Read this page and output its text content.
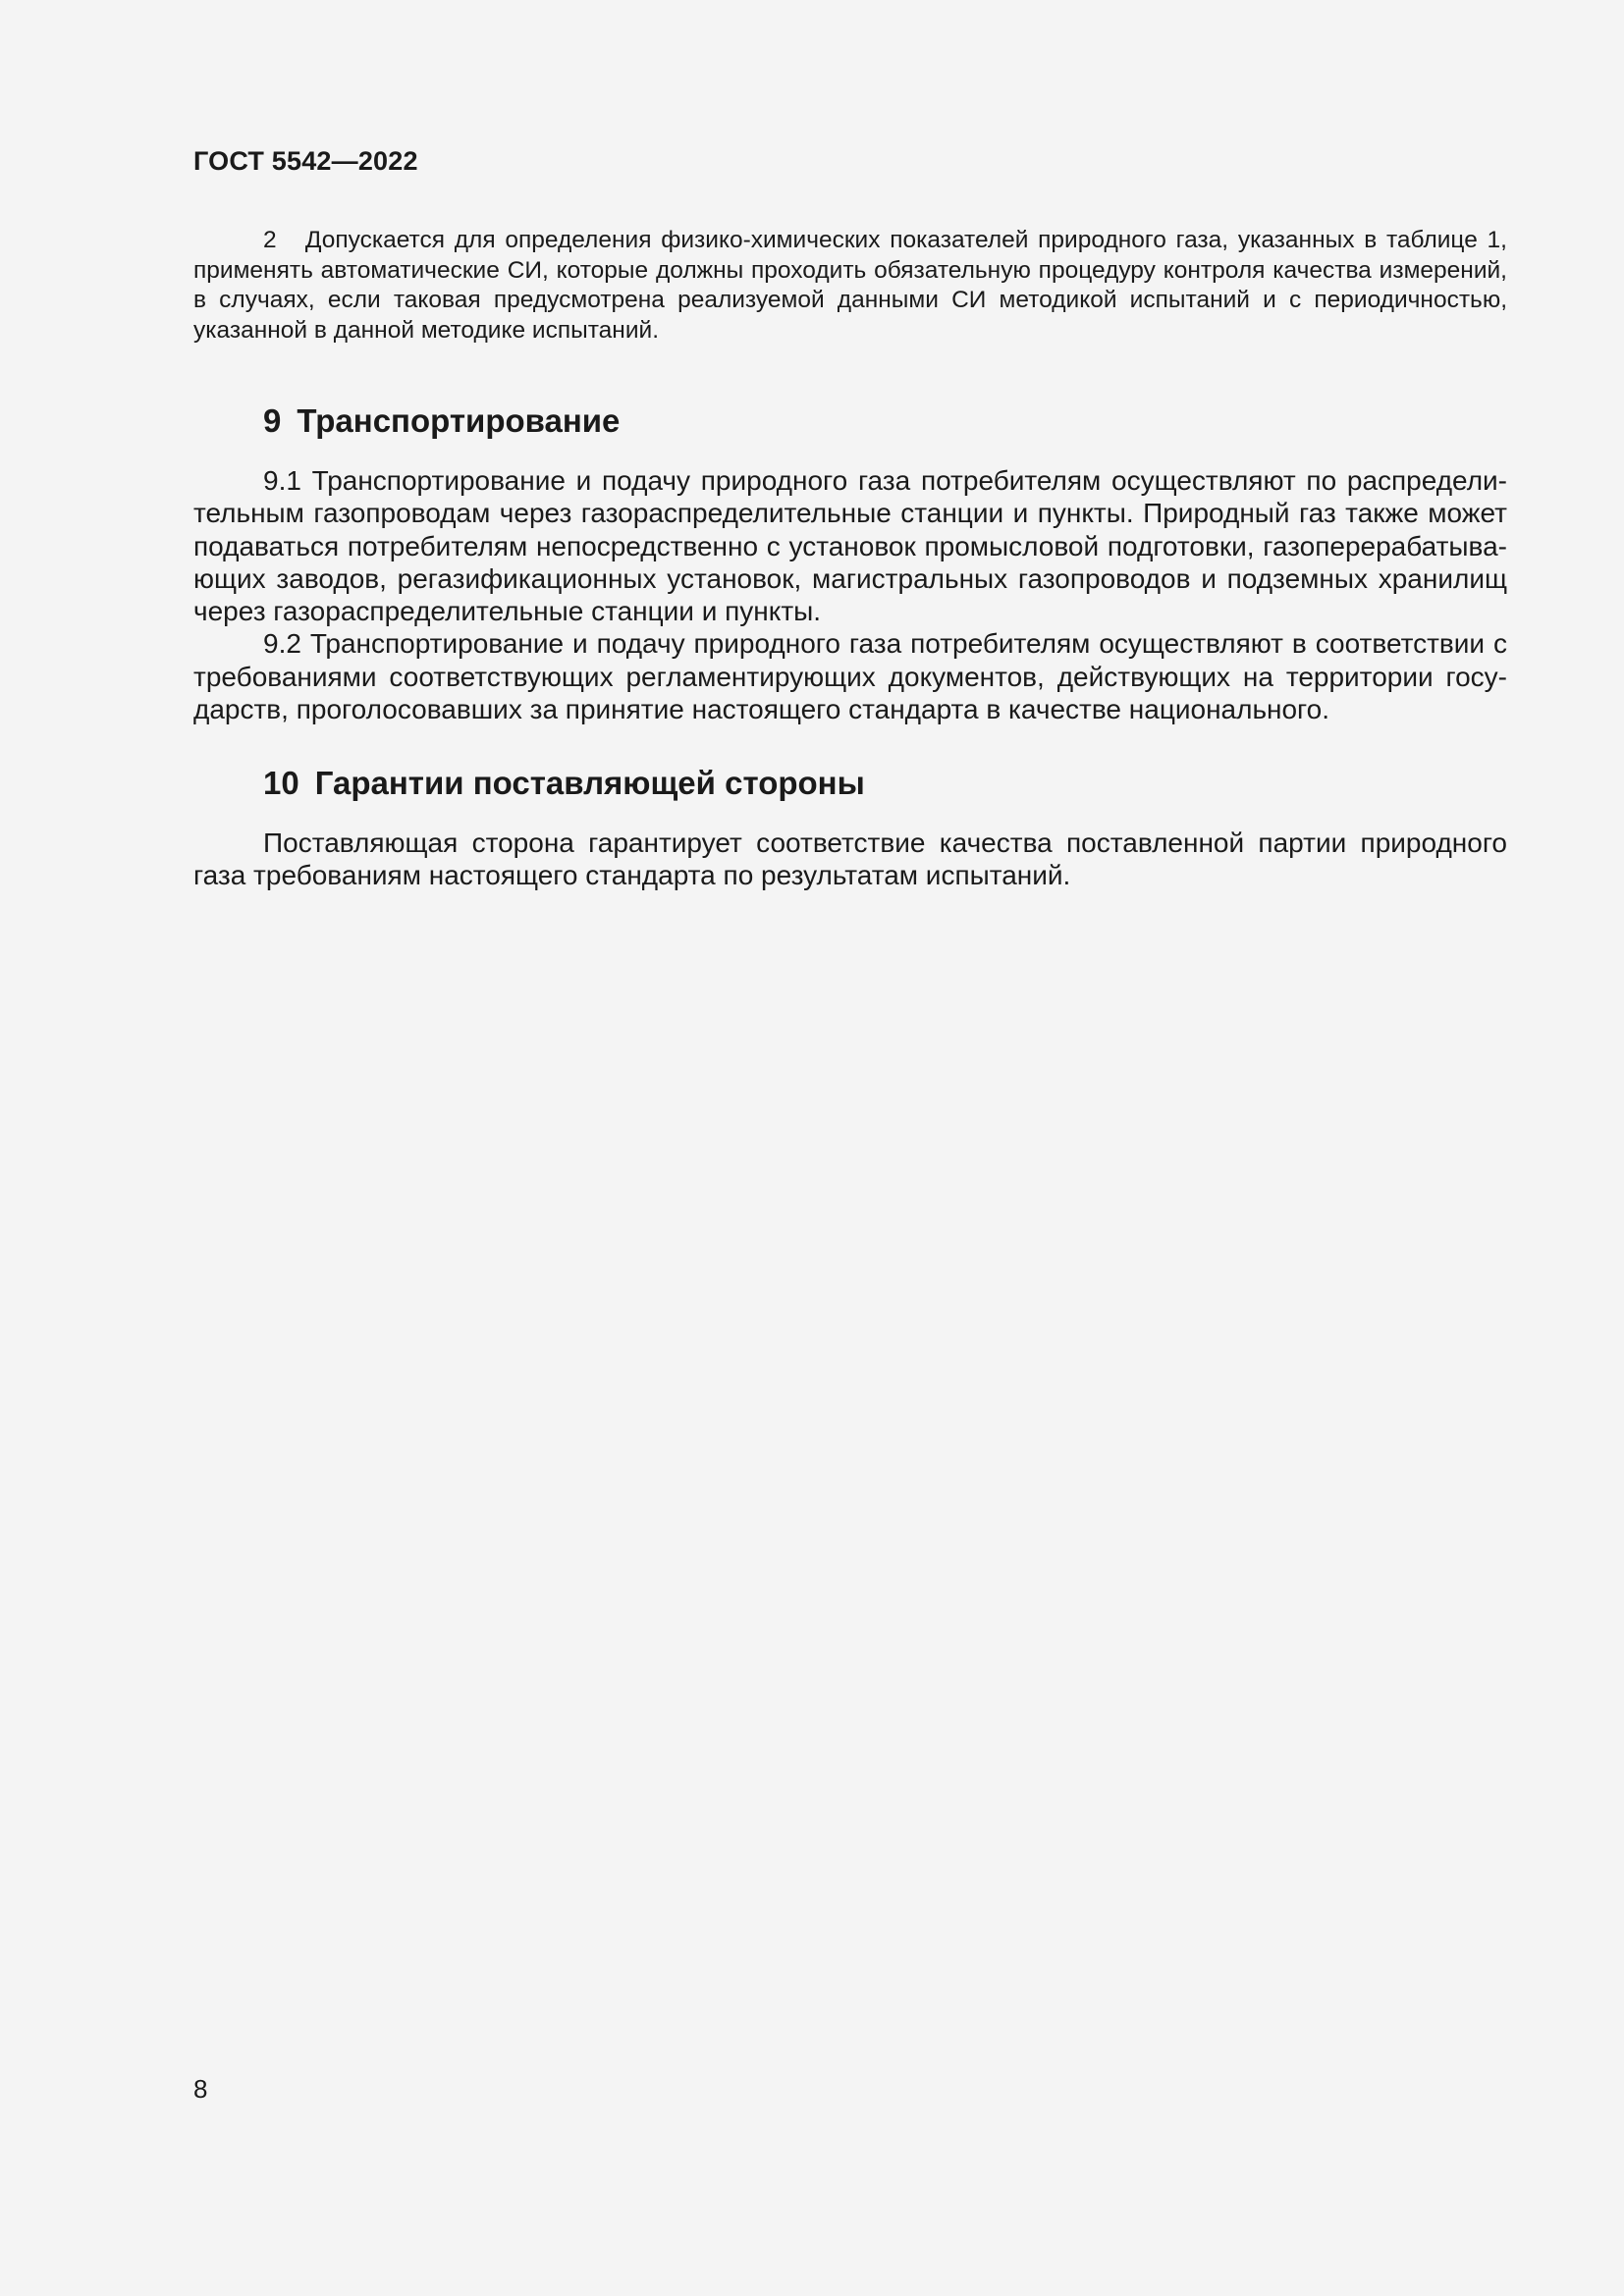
ГОСТ 5542—2022

2 Допускается для определения физико-химических показателей природного газа, указанных в таблице 1, применять автоматические СИ, которые должны проходить обязательную процедуру контроля качества измерений, в случаях, если таковая предусмотрена реализуемой данными СИ методикой испытаний и с периодичностью, указанной в данной методике испытаний.

9 Транспортирование

9.1 Транспортирование и подачу природного газа потребителям осуществляют по распределительным газопроводам через газораспределительные станции и пункты. Природный газ также может подаваться потребителям непосредственно с установок промысловой подготовки, газоперерабатывающих заводов, регазификационных установок, магистральных газопроводов и подземных хранилищ через газораспределительные станции и пункты.

9.2 Транспортирование и подачу природного газа потребителям осуществляют в соответствии с требованиями соответствующих регламентирующих документов, действующих на территории государств, проголосовавших за принятие настоящего стандарта в качестве национального.

10 Гарантии поставляющей стороны

Поставляющая сторона гарантирует соответствие качества поставленной партии природного газа требованиям настоящего стандарта по результатам испытаний.

8
